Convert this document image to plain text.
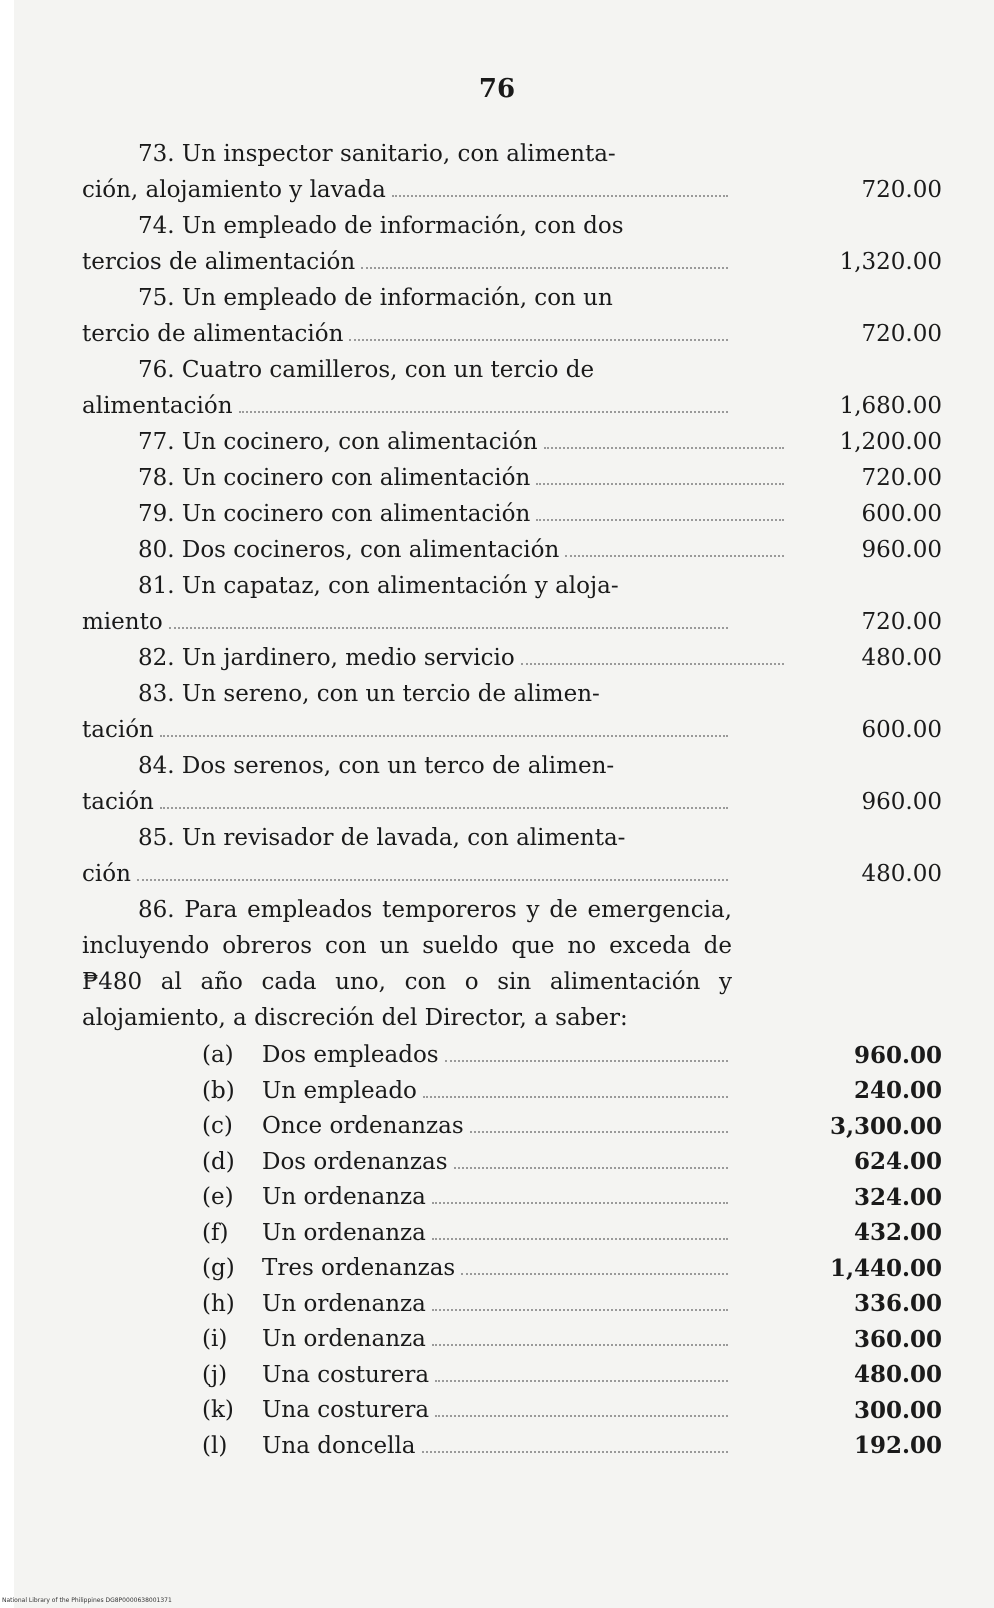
76
73. Un inspector sanitario, con alimenta-
ción, alojamiento y lavada	720.00
74. Un empleado de información, con dos
tercios de alimentación	1,320.00
75. Un empleado de información, con un
tercio de alimentación	720.00
76. Cuatro camilleros, con un tercio de
alimentación	1,680.00
77. Un cocinero, con alimentación	1,200.00
78. Un cocinero con alimentación	720.00
79. Un cocinero con alimentación	600.00
80. Dos cocineros, con alimentación	960.00
81. Un capataz, con alimentación y aloja-
miento	720.00
82. Un jardinero, medio servicio	480.00
83. Un sereno, con un tercio de alimen-
tación	600.00
84. Dos serenos, con un terco de alimen-
tación	960.00
85. Un revisador de lavada, con alimenta-
ción	480.00
86. Para empleados temporeros y de emergencia, incluyendo obreros con un sueldo que no exceda de ₱480 al año cada uno, con o sin alimentación y alojamiento, a discreción del Director, a saber:
(a) Dos empleados	960.00
(b) Un empleado	240.00
(c) Once ordenanzas	3,300.00
(d) Dos ordenanzas	624.00
(e) Un ordenanza	324.00
(f) Un ordenanza	432.00
(g) Tres ordenanzas	1,440.00
(h) Un ordenanza	336.00
(i) Un ordenanza	360.00
(j) Una costurera	480.00
(k) Una costurera	300.00
(l) Una doncella	192.00
National Library of the Philippines DG8P0000638001371
